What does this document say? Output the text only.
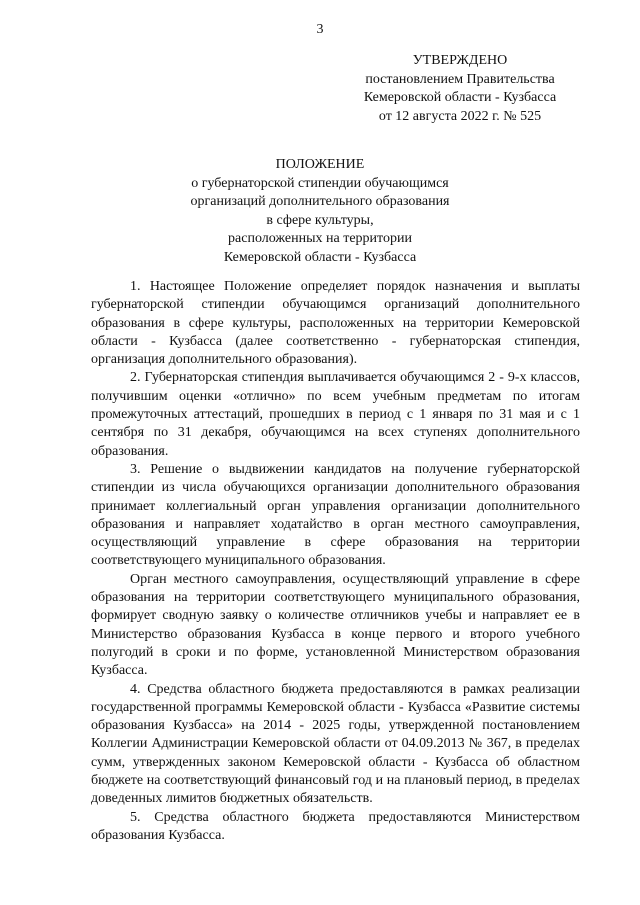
3
УТВЕРЖДЕНО
постановлением Правительства
Кемеровской области - Кузбасса
от 12 августа 2022 г. № 525
ПОЛОЖЕНИЕ
о губернаторской стипендии обучающимся
организаций дополнительного образования
в сфере культуры,
расположенных на территории
Кемеровской области - Кузбасса

1. Настоящее Положение определяет порядок назначения и выплаты губернаторской стипендии обучающимся организаций дополнительного образования в сфере культуры, расположенных на территории Кемеровской области - Кузбасса (далее соответственно - губернаторская стипендия, организация дополнительного образования).

2. Губернаторская стипендия выплачивается обучающимся 2 - 9-х классов, получившим оценки «отлично» по всем учебным предметам по итогам промежуточных аттестаций, прошедших в период с 1 января по 31 мая и с 1 сентября по 31 декабря, обучающимся на всех ступенях дополнительного образования.

3. Решение о выдвижении кандидатов на получение губернаторской стипендии из числа обучающихся организации дополнительного образования принимает коллегиальный орган управления организации дополнительного образования и направляет ходатайство в орган местного самоуправления, осуществляющий управление в сфере образования на территории соответствующего муниципального образования.

Орган местного самоуправления, осуществляющий управление в сфере образования на территории соответствующего муниципального образования, формирует сводную заявку о количестве отличников учебы и направляет ее в Министерство образования Кузбасса в конце первого и второго учебного полугодий в сроки и по форме, установленной Министерством образования Кузбасса.

4. Средства областного бюджета предоставляются в рамках реализации государственной программы Кемеровской области - Кузбасса «Развитие системы образования Кузбасса» на 2014 - 2025 годы, утвержденной постановлением Коллегии Администрации Кемеровской области от 04.09.2013 № 367, в пределах сумм, утвержденных законом Кемеровской области - Кузбасса об областном бюджете на соответствующий финансовый год и на плановый период, в пределах доведенных лимитов бюджетных обязательств.

5. Средства областного бюджета предоставляются Министерством образования Кузбасса.
